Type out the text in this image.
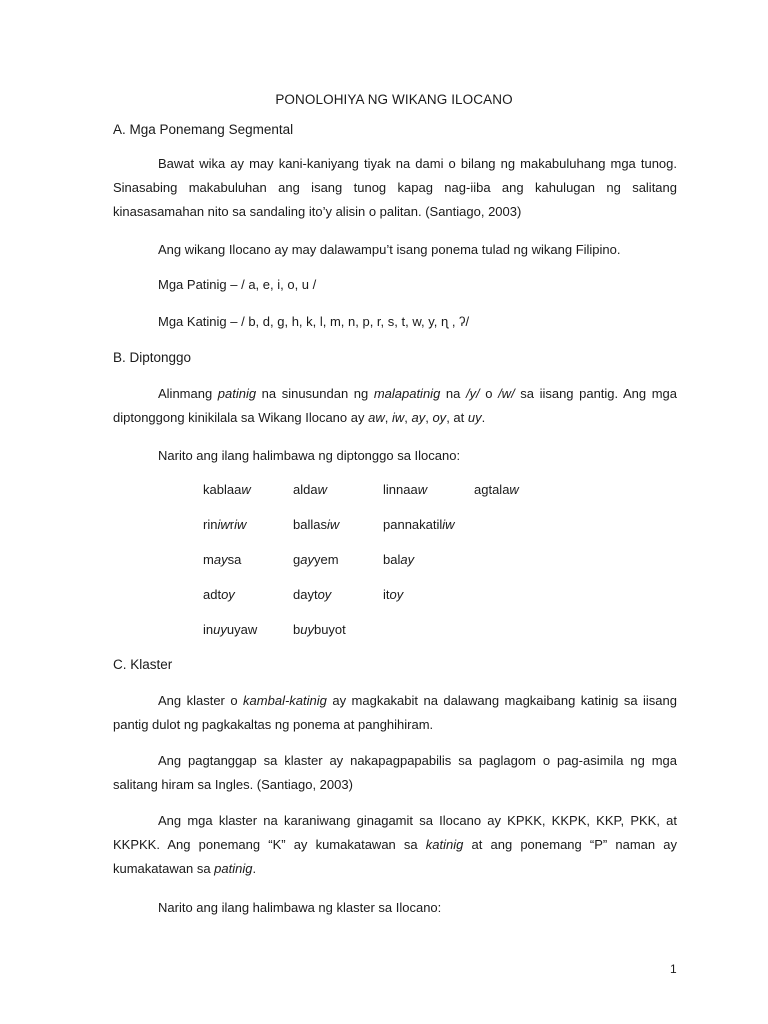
PONOLOHIYA NG WIKANG ILOCANO
A. Mga Ponemang Segmental
Bawat wika ay may kani-kaniyang tiyak na dami o bilang ng makabuluhang mga tunog. Sinasabing makabuluhan ang isang tunog kapag nag-iiba ang kahulugan ng salitang kinasasamahan nito sa sandaling ito’y alisin o palitan. (Santiago, 2003)
Ang wikang Ilocano ay may dalawampu’t isang ponema tulad ng wikang Filipino.
Mga Patinig – / a, e, i, o, u /
Mga Katinig – / b, d, g, h, k, l, m, n, p, r, s, t, w, y, ɳ , ʔ/
B. Diptonggo
Alinmang patinig na sinusundan ng malapatinig na /y/ o /w/ sa iisang pantig. Ang mga diptonggong kinikilala sa Wikang Ilocano ay aw, iw, ay, oy, at uy.
Narito ang ilang halimbawa ng diptonggo sa Ilocano:
kablaaw	aldaw	linnaaw	agtalaw
riniwriw	ballasiw	pannakatiliw
maysa	gayyem	balay
adtoy	daytoy	itoy
inuyuyaw	buybuyot
C. Klaster
Ang klaster o kambal-katinig ay magkakabit na dalawang magkaibang katinig sa iisang pantig dulot ng pagkakaltas ng ponema at panghihiram.
Ang pagtanggap sa klaster ay nakapagpapabilis sa paglagom o pag-asimila ng mga salitang hiram sa Ingles. (Santiago, 2003)
Ang mga klaster na karaniwang ginagamit sa Ilocano ay KPKK, KKPK, KKP, PKK, at KKPKK. Ang ponemang “K” ay kumakatawan sa katinig at ang ponemang “P” naman ay kumakatawan sa patinig.
Narito ang ilang halimbawa ng klaster sa Ilocano:
1
